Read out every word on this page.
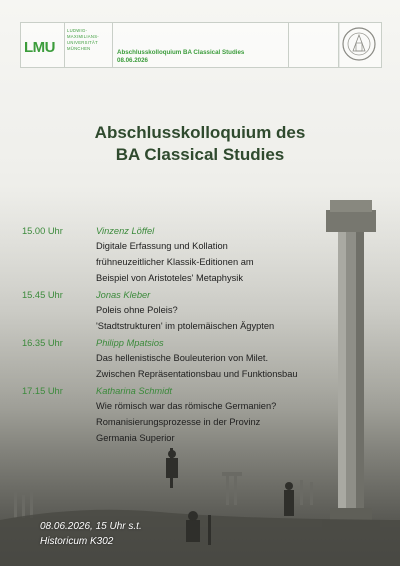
LMU
LUDWIG-
MAXIMILIANS-
UNIVERSITÄT
MÜNCHEN
Abschlusskolloquium BA Classical Studies
08.06.2026
Abschlusskolloquium des
BA Classical Studies
15.00 Uhr	Vinzenz Löffel
Digitale Erfassung und Kollation
frühneuzeitlicher Klassik-Editionen am
Beispiel von Aristoteles' Metaphysik
15.45 Uhr	Jonas Kleber
Poleis ohne Poleis?
'Stadtstrukturen' im ptolemäischen Ägypten
16.35 Uhr	Philipp Mpatsios
Das hellenistische Bouleuterion von Milet.
Zwischen Repräsentationsbau und Funktionsbau
17.15 Uhr	Katharina Schmidt
Wie römisch war das römische Germanien?
Romanisierungsprozesse in der Provinz
Germania Superior
08.06.2026, 15 Uhr s.t.
Historicum K302
